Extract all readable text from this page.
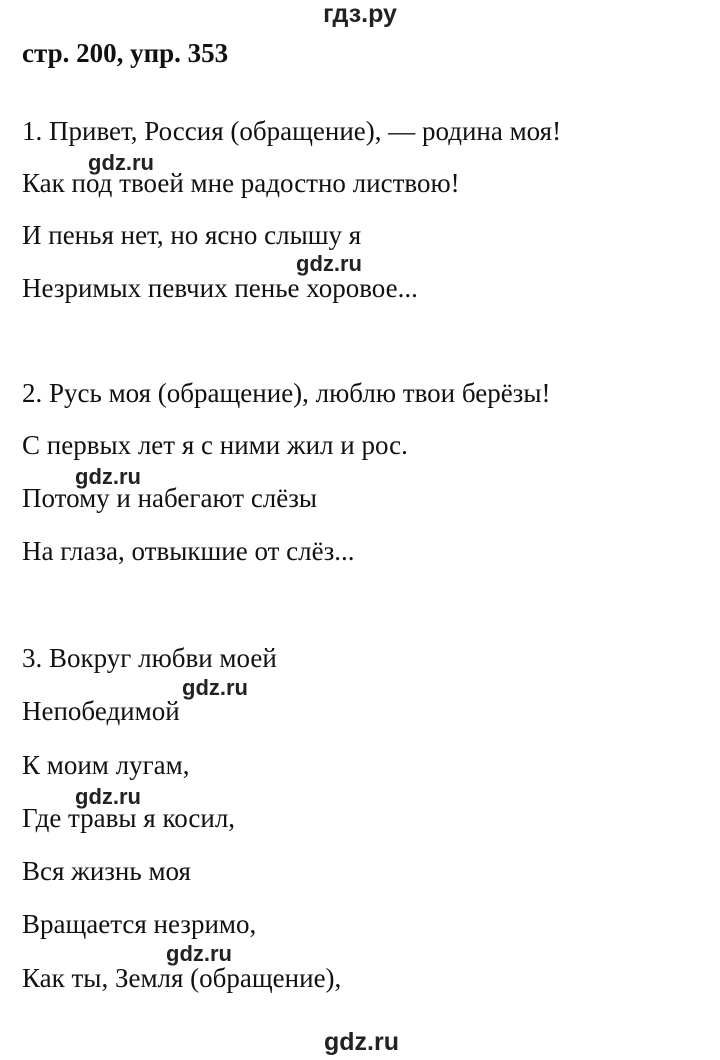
гдз.ру
стр. 200, упр. 353
1. Привет, Россия (обращение), — родина моя!
gdz.ru
Как под твоей мне радостно листвою!
И пенья нет, но ясно слышу я
gdz.ru
Незримых певчих пенье хоровое...
2. Русь моя (обращение), люблю твои берёзы!
С первых лет я с ними жил и рос.
gdz.ru
Потому и набегают слёзы
На глаза, отвыкшие от слёз...
3. Вокруг любви моей
gdz.ru
Непобедимой
К моим лугам,
gdz.ru
Где травы я косил,
Вся жизнь моя
Вращается незримо,
gdz.ru
Как ты, Земля (обращение),
gdz.ru
